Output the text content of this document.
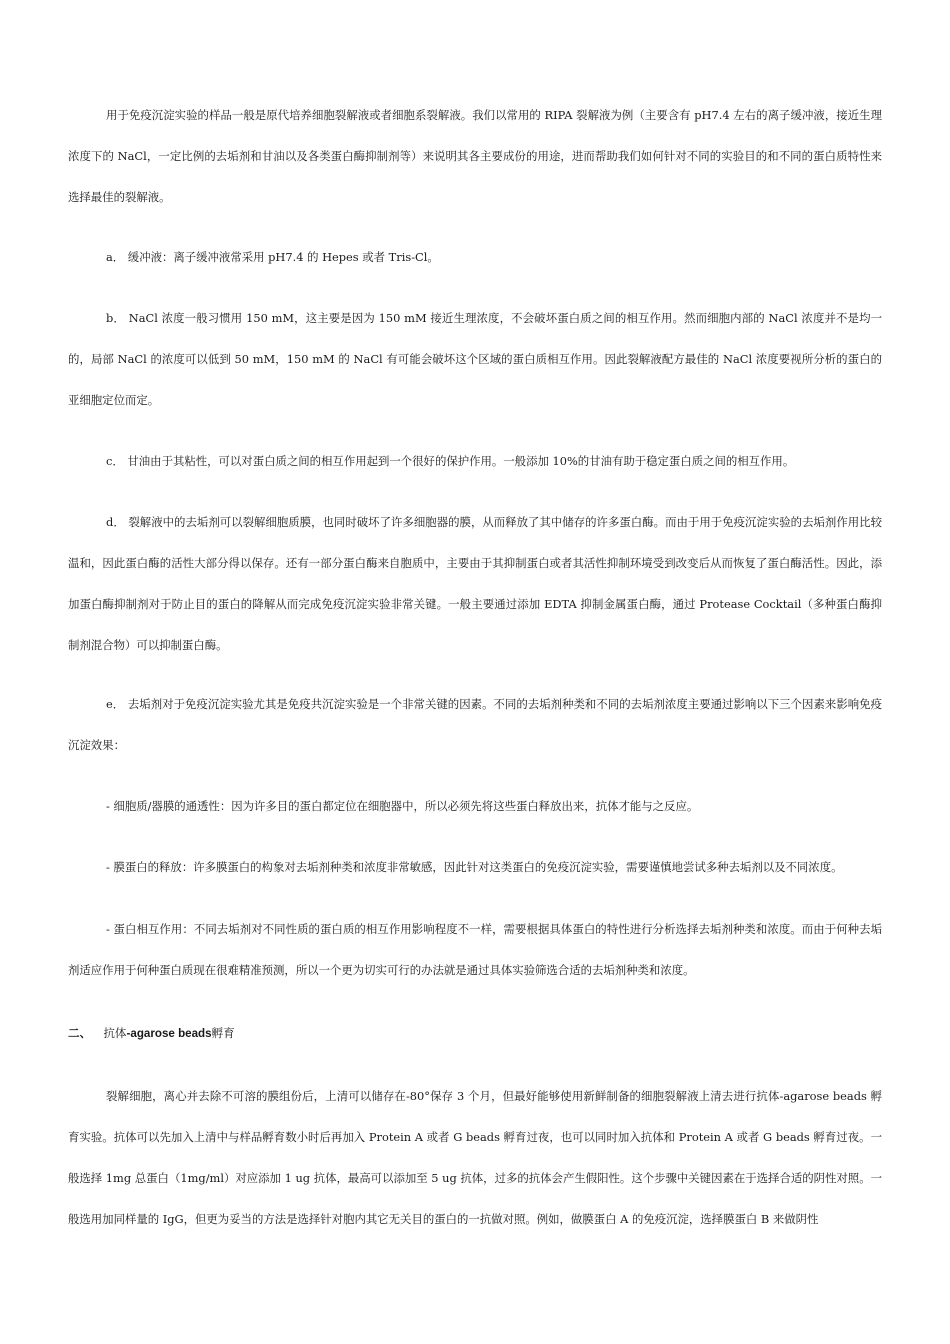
用于免疫沉淀实验的样品一般是原代培养细胞裂解液或者细胞系裂解液。我们以常用的 RIPA 裂解液为例（主要含有 pH7.4 左右的离子缓冲液，接近生理浓度下的 NaCl，一定比例的去垢剂和甘油以及各类蛋白酶抑制剂等）来说明其各主要成份的用途，进而帮助我们如何针对不同的实验目的和不同的蛋白质特性来选择最佳的裂解液。

a． 缓冲液：离子缓冲液常采用 pH7.4 的 Hepes 或者 Tris-Cl。

b． NaCl 浓度一般习惯用 150 mM，这主要是因为 150 mM 接近生理浓度，不会破坏蛋白质之间的相互作用。然而细胞内部的 NaCl 浓度并不是均一的，局部 NaCl 的浓度可以低到 50 mM，150 mM 的 NaCl 有可能会破坏这个区域的蛋白质相互作用。因此裂解液配方最佳的 NaCl 浓度要视所分析的蛋白的亚细胞定位而定。

c． 甘油由于其粘性，可以对蛋白质之间的相互作用起到一个很好的保护作用。一般添加 10%的甘油有助于稳定蛋白质之间的相互作用。

d． 裂解液中的去垢剂可以裂解细胞质膜，也同时破坏了许多细胞器的膜，从而释放了其中储存的许多蛋白酶。而由于用于免疫沉淀实验的去垢剂作用比较温和，因此蛋白酶的活性大部分得以保存。还有一部分蛋白酶来自胞质中，主要由于其抑制蛋白或者其活性抑制环境受到改变后从而恢复了蛋白酶活性。因此，添加蛋白酶抑制剂对于防止目的蛋白的降解从而完成免疫沉淀实验非常关键。一般主要通过添加 EDTA 抑制金属蛋白酶，通过 Protease Cocktail（多种蛋白酶抑制剂混合物）可以抑制蛋白酶。

e． 去垢剂对于免疫沉淀实验尤其是免疫共沉淀实验是一个非常关键的因素。不同的去垢剂种类和不同的去垢剂浓度主要通过影响以下三个因素来影响免疫沉淀效果：

- 细胞质/器膜的通透性：因为许多目的蛋白都定位在细胞器中，所以必须先将这些蛋白释放出来，抗体才能与之反应。

- 膜蛋白的释放：许多膜蛋白的构象对去垢剂种类和浓度非常敏感，因此针对这类蛋白的免疫沉淀实验，需要谨慎地尝试多种去垢剂以及不同浓度。

- 蛋白相互作用：不同去垢剂对不同性质的蛋白质的相互作用影响程度不一样，需要根据具体蛋白的特性进行分析选择去垢剂种类和浓度。而由于何种去垢剂适应作用于何种蛋白质现在很难精准预测，所以一个更为切实可行的办法就是通过具体实验筛选合适的去垢剂种类和浓度。

二、 抗体-agarose beads孵育

裂解细胞，离心并去除不可溶的膜组份后，上清可以储存在-80°保存 3 个月，但最好能够使用新鲜制备的细胞裂解液上清去进行抗体-agarose beads 孵育实验。抗体可以先加入上清中与样品孵育数小时后再加入 Protein A 或者 G beads 孵育过夜，也可以同时加入抗体和 Protein A 或者 G beads 孵育过夜。一般选择 1mg 总蛋白（1mg/ml）对应添加 1 ug 抗体，最高可以添加至 5 ug 抗体，过多的抗体会产生假阳性。这个步骤中关键因素在于选择合适的阴性对照。一般选用加同样量的 IgG，但更为妥当的方法是选择针对胞内其它无关目的蛋白的一抗做对照。例如，做膜蛋白 A 的免疫沉淀，选择膜蛋白 B 来做阴性
